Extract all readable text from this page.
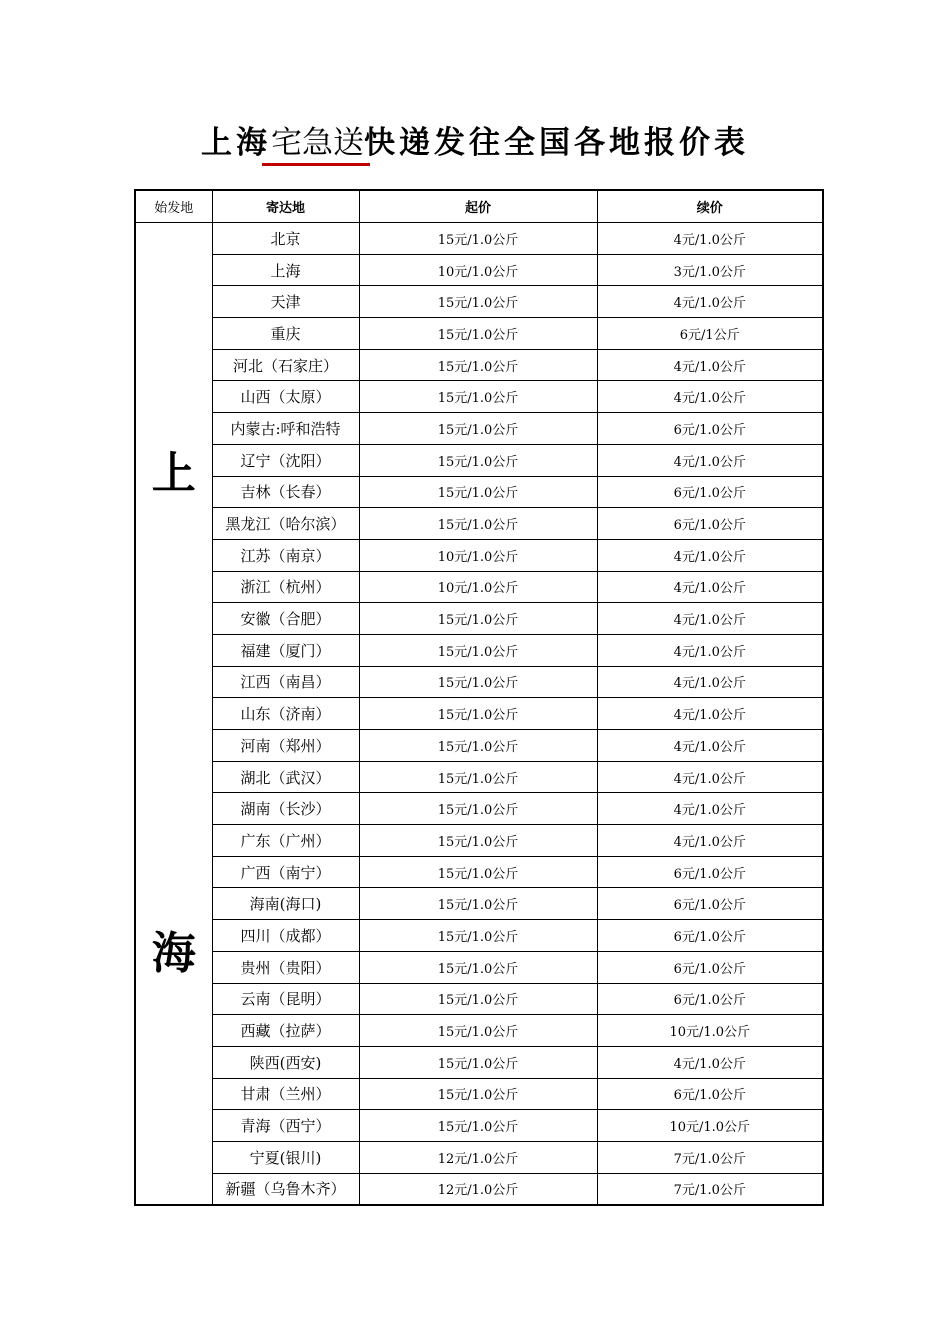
上海宅急送快递发往全国各地报价表
始发地	寄达地	起价	续价

上
海	北京	15元/1.0公斤	4元/1.0公斤
	上海	10元/1.0公斤	3元/1.0公斤
	天津	15元/1.0公斤	4元/1.0公斤
	重庆	15元/1.0公斤	6元/1公斤
	河北（石家庄）	15元/1.0公斤	4元/1.0公斤
	山西（太原）	15元/1.0公斤	4元/1.0公斤
	内蒙古:呼和浩特	15元/1.0公斤	6元/1.0公斤
	辽宁（沈阳）	15元/1.0公斤	4元/1.0公斤
	吉林（长春）	15元/1.0公斤	6元/1.0公斤
	黑龙江（哈尔滨）	15元/1.0公斤	6元/1.0公斤
	江苏（南京）	10元/1.0公斤	4元/1.0公斤
	浙江（杭州）	10元/1.0公斤	4元/1.0公斤
	安徽（合肥）	15元/1.0公斤	4元/1.0公斤
	福建（厦门）	15元/1.0公斤	4元/1.0公斤
	江西（南昌）	15元/1.0公斤	4元/1.0公斤
	山东（济南）	15元/1.0公斤	4元/1.0公斤
	河南（郑州）	15元/1.0公斤	4元/1.0公斤
	湖北（武汉）	15元/1.0公斤	4元/1.0公斤
	湖南（长沙）	15元/1.0公斤	4元/1.0公斤
	广东（广州）	15元/1.0公斤	4元/1.0公斤
	广西（南宁）	15元/1.0公斤	6元/1.0公斤
	海南(海口)	15元/1.0公斤	6元/1.0公斤
	四川（成都）	15元/1.0公斤	6元/1.0公斤
	贵州（贵阳）	15元/1.0公斤	6元/1.0公斤
	云南（昆明）	15元/1.0公斤	6元/1.0公斤
	西藏（拉萨）	15元/1.0公斤	10元/1.0公斤
	陕西(西安)	15元/1.0公斤	4元/1.0公斤
	甘肃（兰州）	15元/1.0公斤	6元/1.0公斤
	青海（西宁）	15元/1.0公斤	10元/1.0公斤
	宁夏(银川)	12元/1.0公斤	7元/1.0公斤
	新疆（乌鲁木齐）	12元/1.0公斤	7元/1.0公斤
